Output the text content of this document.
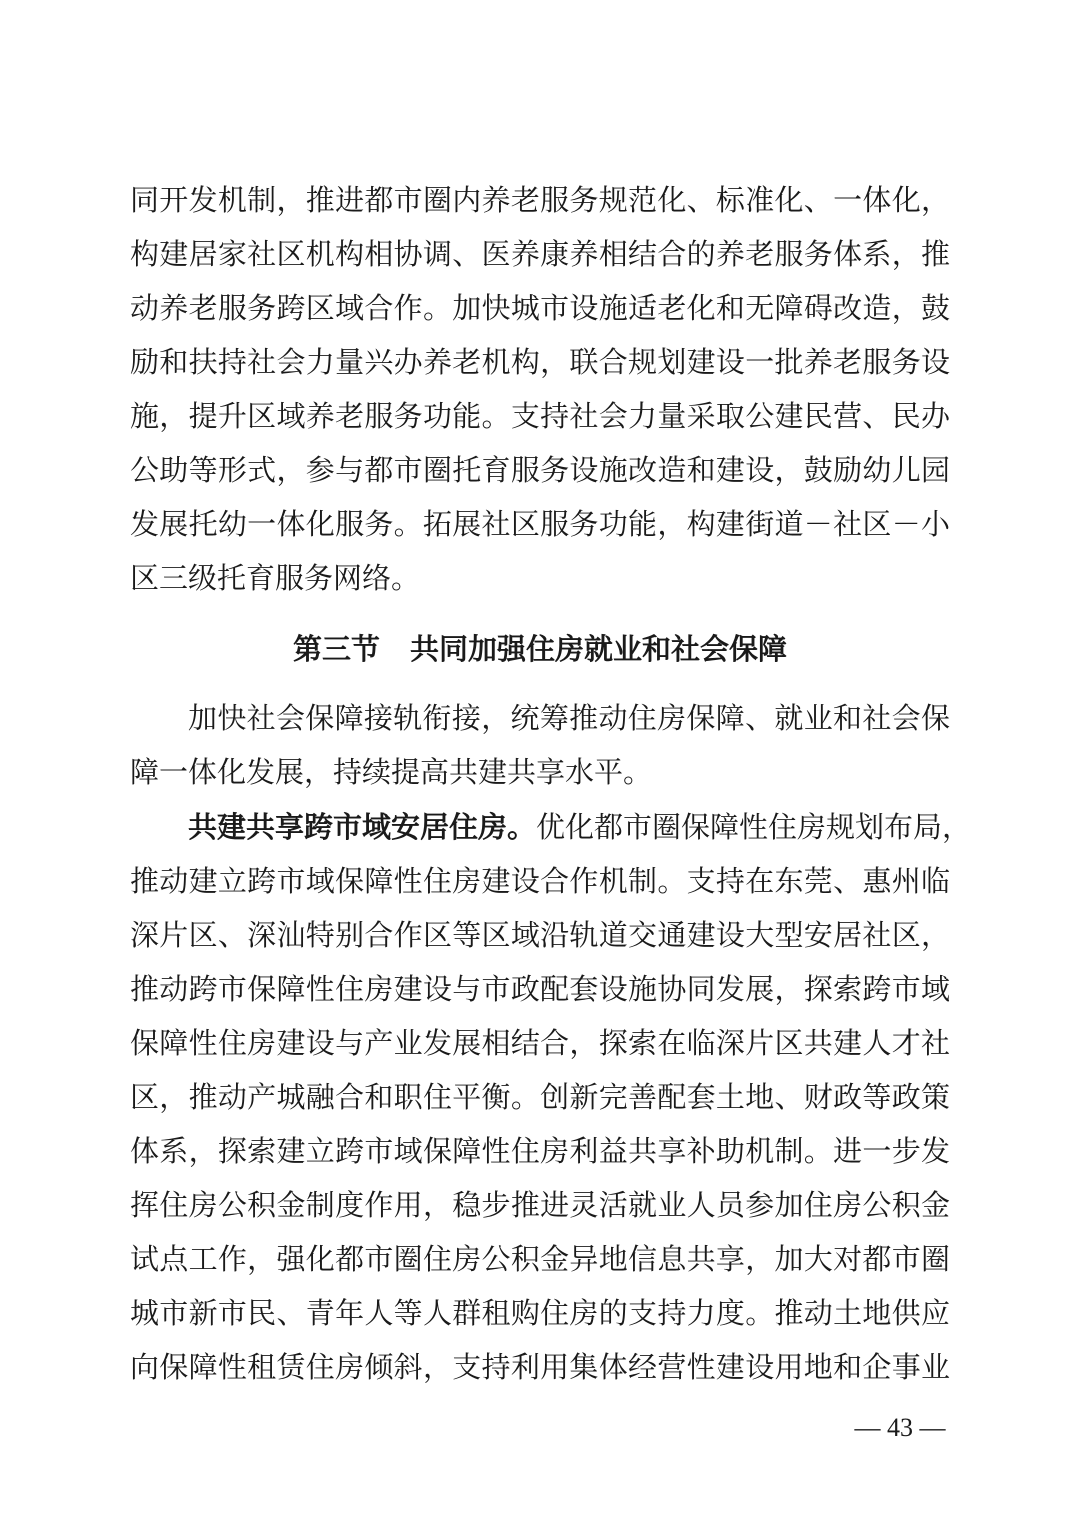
同开发机制，推进都市圈内养老服务规范化、标准化、一体化，
构建居家社区机构相协调、医养康养相结合的养老服务体系，推
动养老服务跨区域合作。加快城市设施适老化和无障碍改造，鼓
励和扶持社会力量兴办养老机构，联合规划建设一批养老服务设
施，提升区域养老服务功能。支持社会力量采取公建民营、民办
公助等形式，参与都市圈托育服务设施改造和建设，鼓励幼儿园
发展托幼一体化服务。拓展社区服务功能，构建街道－社区－小
区三级托育服务网络。
第三节 共同加强住房就业和社会保障
加快社会保障接轨衔接，统筹推动住房保障、就业和社会保
障一体化发展，持续提高共建共享水平。
共建共享跨市域安居住房。优化都市圈保障性住房规划布局，
推动建立跨市域保障性住房建设合作机制。支持在东莞、惠州临
深片区、深汕特别合作区等区域沿轨道交通建设大型安居社区，
推动跨市保障性住房建设与市政配套设施协同发展，探索跨市域
保障性住房建设与产业发展相结合，探索在临深片区共建人才社
区，推动产城融合和职住平衡。创新完善配套土地、财政等政策
体系，探索建立跨市域保障性住房利益共享补助机制。进一步发
挥住房公积金制度作用，稳步推进灵活就业人员参加住房公积金
试点工作，强化都市圈住房公积金异地信息共享，加大对都市圈
城市新市民、青年人等人群租购住房的支持力度。推动土地供应
向保障性租赁住房倾斜，支持利用集体经营性建设用地和企事业
— 43 —
